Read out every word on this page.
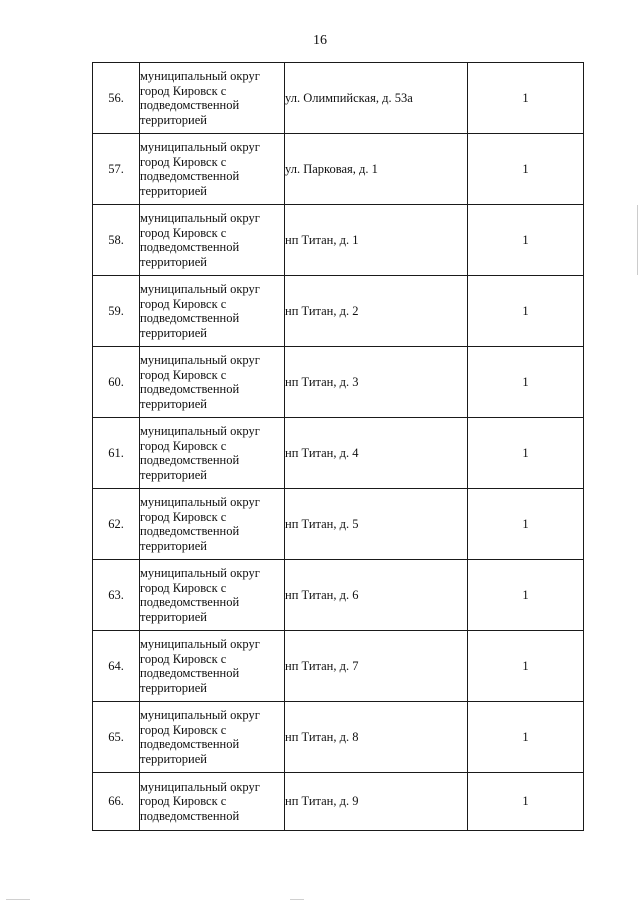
16
56.	муниципальный округ
город Кировск с
подведомственной
территорией	ул. Олимпийская, д. 53а	1
57.	муниципальный округ
город Кировск с
подведомственной
территорией	ул. Парковая, д. 1	1
58.	муниципальный округ
город Кировск с
подведомственной
территорией	нп Титан, д. 1	1
59.	муниципальный округ
город Кировск с
подведомственной
территорией	нп Титан, д. 2	1
60.	муниципальный округ
город Кировск с
подведомственной
территорией	нп Титан, д. 3	1
61.	муниципальный округ
город Кировск с
подведомственной
территорией	нп Титан, д. 4	1
62.	муниципальный округ
город Кировск с
подведомственной
территорией	нп Титан, д. 5	1
63.	муниципальный округ
город Кировск с
подведомственной
территорией	нп Титан, д. 6	1
64.	муниципальный округ
город Кировск с
подведомственной
территорией	нп Титан, д. 7	1
65.	муниципальный округ
город Кировск с
подведомственной
территорией	нп Титан, д. 8	1
66.	муниципальный округ
город Кировск с
подведомственной	нп Титан, д. 9	1
